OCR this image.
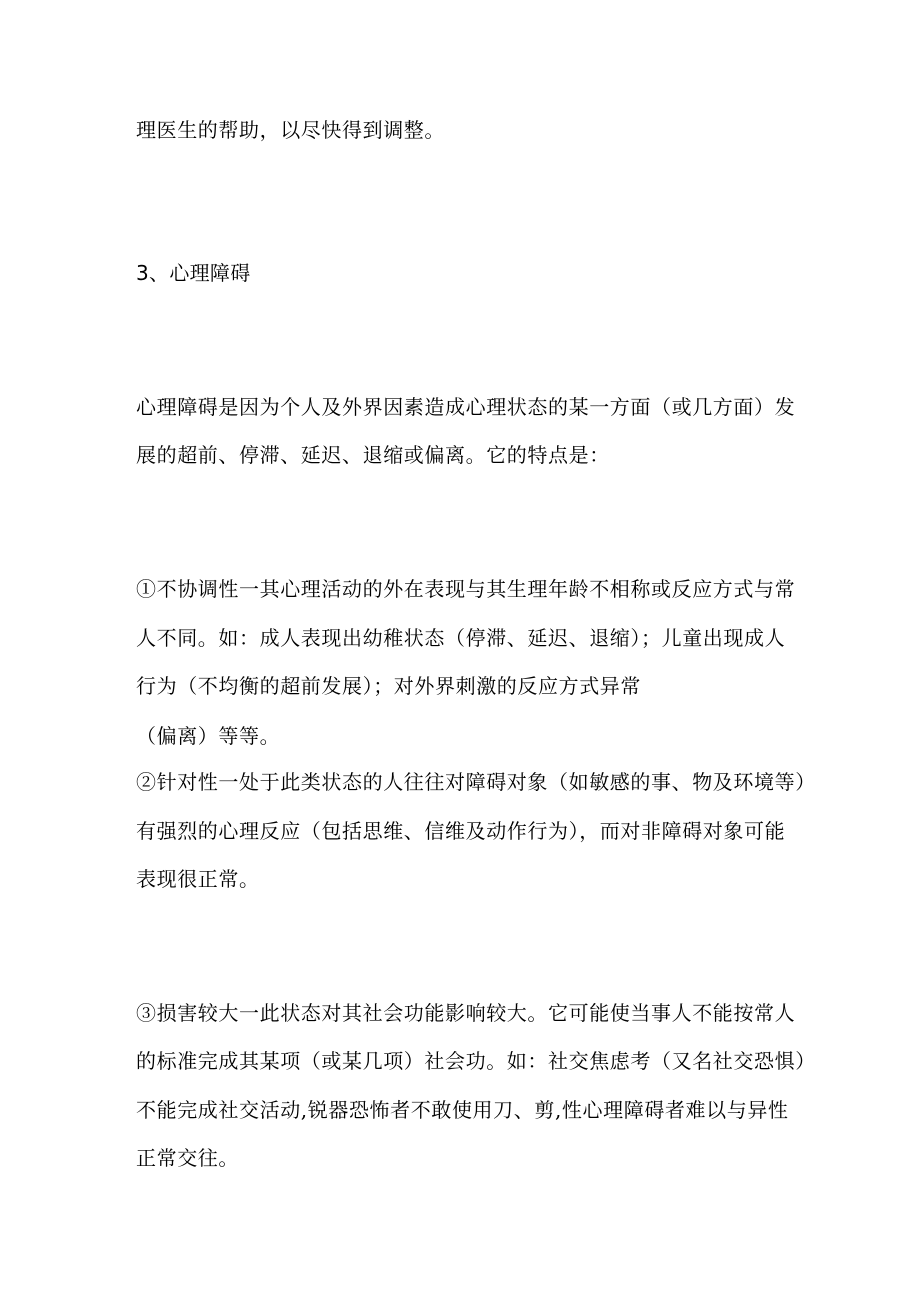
理医生的帮助，以尽快得到调整。
3、心理障碍
心理障碍是因为个人及外界因素造成心理状态的某一方面（或几方面）发
展的超前、停滞、延迟、退缩或偏离。它的特点是：
①不协调性一其心理活动的外在表现与其生理年龄不相称或反应方式与常
人不同。如：成人表现出幼稚状态（停滞、延迟、退缩）；儿童出现成人
行为（不均衡的超前发展）；对外界刺激的反应方式异常
（偏离）等等。
②针对性一处于此类状态的人往往对障碍对象（如敏感的事、物及环境等）
有强烈的心理反应（包括思维、信维及动作行为），而对非障碍对象可能
表现很正常。
③损害较大一此状态对其社会功能影响较大。它可能使当事人不能按常人
的标准完成其某项（或某几项）社会功。如：社交焦虑考（又名社交恐惧）
不能完成社交活动,锐器恐怖者不敢使用刀、剪,性心理障碍者难以与异性
正常交往。
